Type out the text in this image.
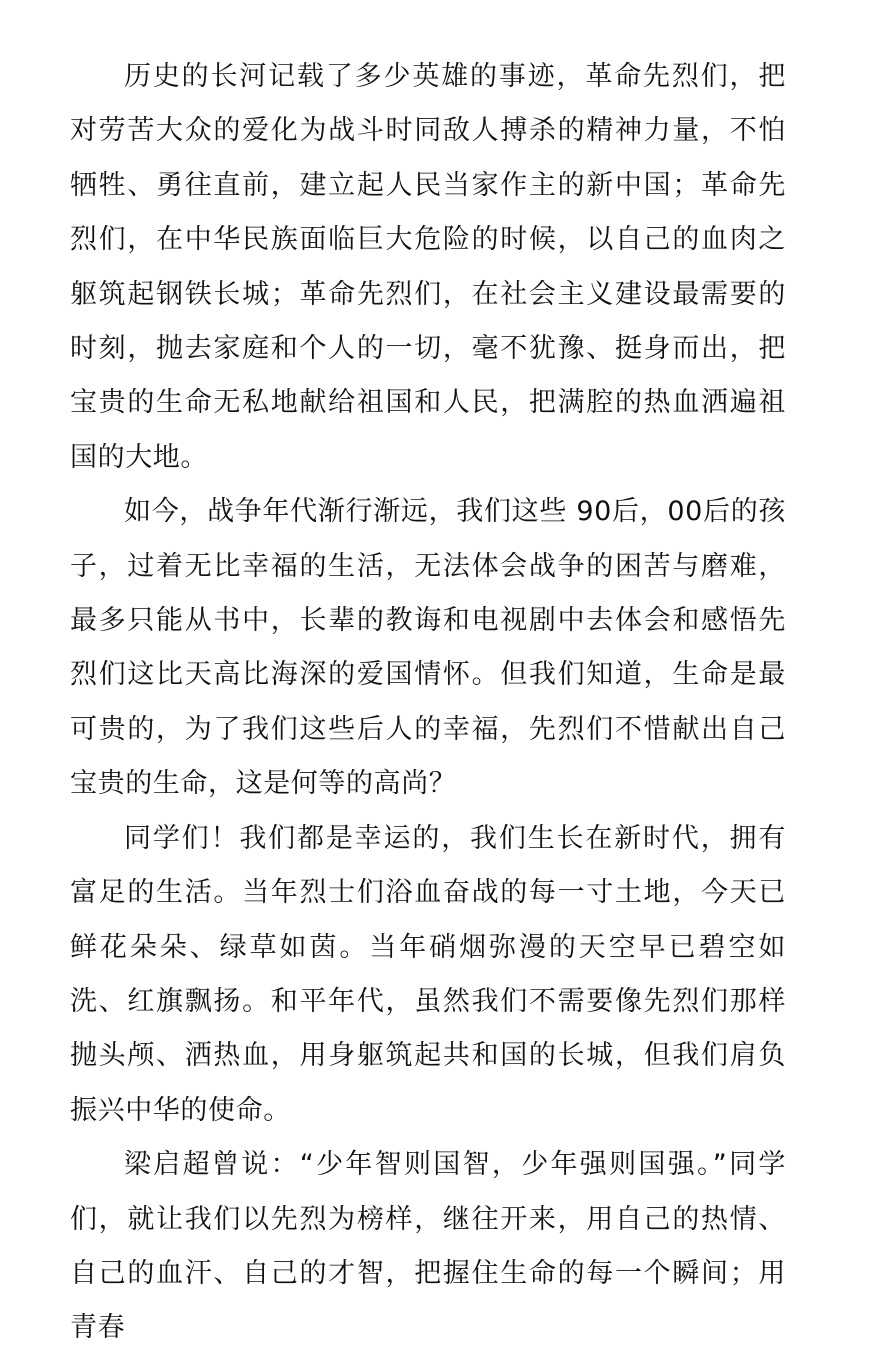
历史的长河记载了多少英雄的事迹，革命先烈们，把对劳苦大众的爱化为战斗时同敌人搏杀的精神力量，不怕牺牲、勇往直前，建立起人民当家作主的新中国；革命先烈们，在中华民族面临巨大危险的时候，以自己的血肉之躯筑起钢铁长城；革命先烈们，在社会主义建设最需要的时刻，抛去家庭和个人的一切，毫不犹豫、挺身而出，把宝贵的生命无私地献给祖国和人民，把满腔的热血洒遍祖国的大地。

如今，战争年代渐行渐远，我们这些 90后，00后的孩子，过着无比幸福的生活，无法体会战争的困苦与磨难，最多只能从书中，长辈的教诲和电视剧中去体会和感悟先烈们这比天高比海深的爱国情怀。但我们知道，生命是最可贵的，为了我们这些后人的幸福，先烈们不惜献出自己宝贵的生命，这是何等的高尚？

同学们！我们都是幸运的，我们生长在新时代，拥有富足的生活。当年烈士们浴血奋战的每一寸土地，今天已鲜花朵朵、绿草如茵。当年硝烟弥漫的天空早已碧空如洗、红旗飘扬。和平年代，虽然我们不需要像先烈们那样抛头颅、洒热血，用身躯筑起共和国的长城，但我们肩负振兴中华的使命。

梁启超曾说：“少年智则国智，少年强则国强。”同学们，就让我们以先烈为榜样，继往开来，用自己的热情、自己的血汗、自己的才智，把握住生命的每一个瞬间；用青春
